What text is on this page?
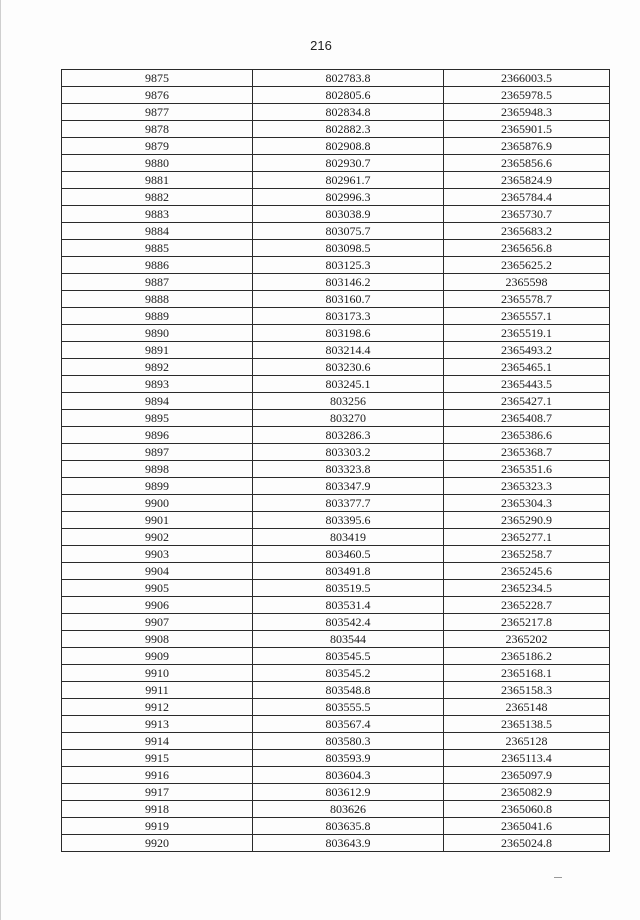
216
9875	802783.8	2366003.5
9876	802805.6	2365978.5
9877	802834.8	2365948.3
9878	802882.3	2365901.5
9879	802908.8	2365876.9
9880	802930.7	2365856.6
9881	802961.7	2365824.9
9882	802996.3	2365784.4
9883	803038.9	2365730.7
9884	803075.7	2365683.2
9885	803098.5	2365656.8
9886	803125.3	2365625.2
9887	803146.2	2365598
9888	803160.7	2365578.7
9889	803173.3	2365557.1
9890	803198.6	2365519.1
9891	803214.4	2365493.2
9892	803230.6	2365465.1
9893	803245.1	2365443.5
9894	803256	2365427.1
9895	803270	2365408.7
9896	803286.3	2365386.6
9897	803303.2	2365368.7
9898	803323.8	2365351.6
9899	803347.9	2365323.3
9900	803377.7	2365304.3
9901	803395.6	2365290.9
9902	803419	2365277.1
9903	803460.5	2365258.7
9904	803491.8	2365245.6
9905	803519.5	2365234.5
9906	803531.4	2365228.7
9907	803542.4	2365217.8
9908	803544	2365202
9909	803545.5	2365186.2
9910	803545.2	2365168.1
9911	803548.8	2365158.3
9912	803555.5	2365148
9913	803567.4	2365138.5
9914	803580.3	2365128
9915	803593.9	2365113.4
9916	803604.3	2365097.9
9917	803612.9	2365082.9
9918	803626	2365060.8
9919	803635.8	2365041.6
9920	803643.9	2365024.8
